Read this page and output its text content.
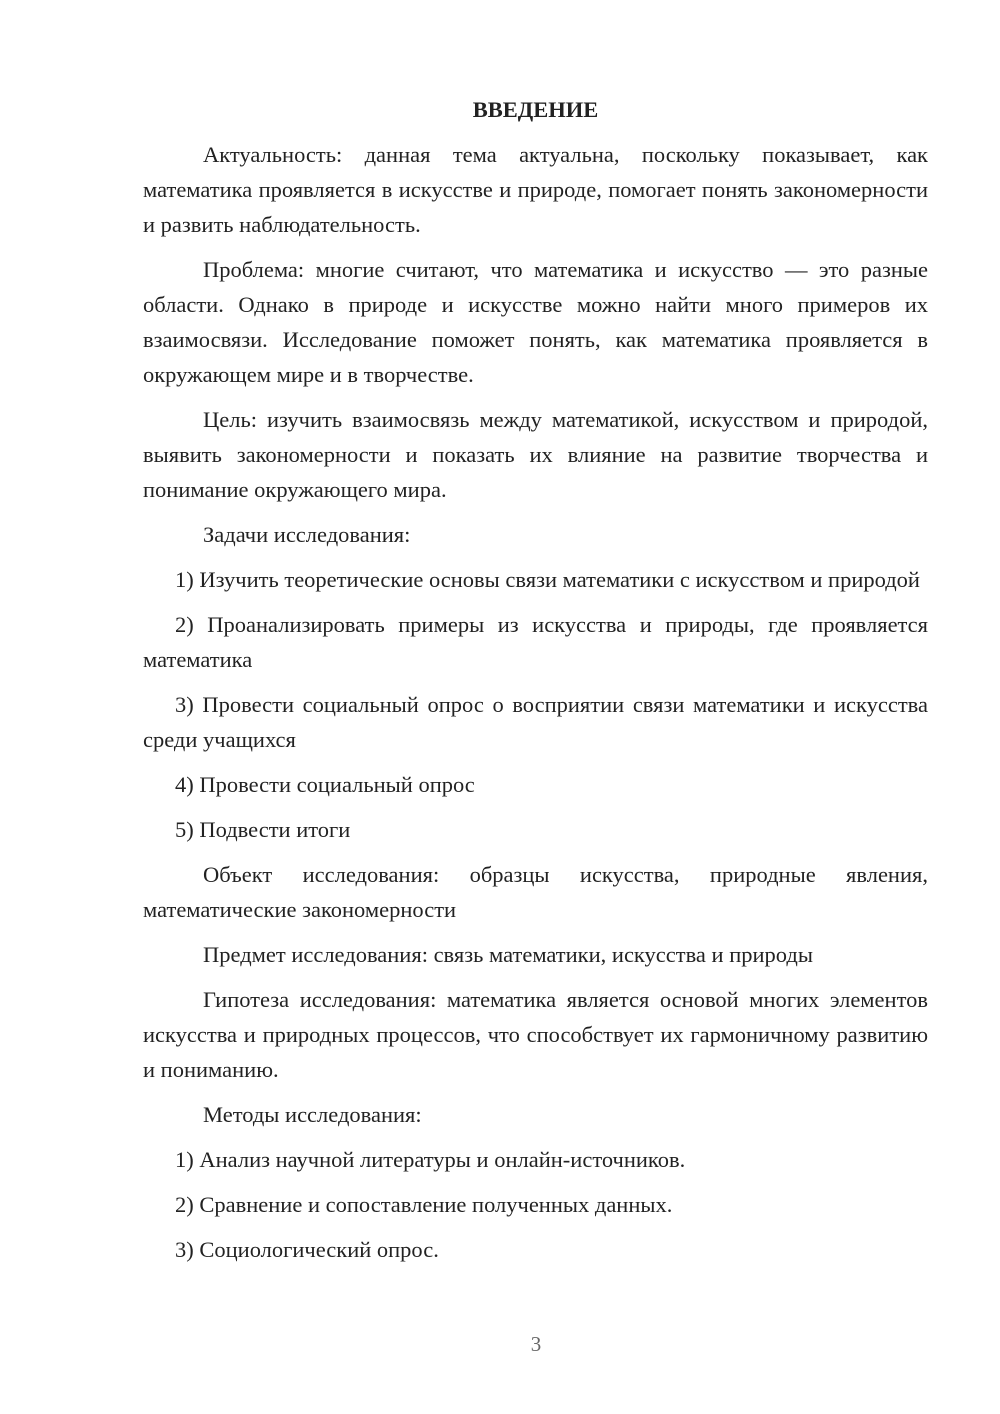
ВВЕДЕНИЕ

Актуальность: данная тема актуальна, поскольку показывает, как математика проявляется в искусстве и природе, помогает понять закономерности и развить наблюдательность.

Проблема: многие считают, что математика и искусство — это разные области. Однако в природе и искусстве можно найти много примеров их взаимосвязи. Исследование поможет понять, как математика проявляется в окружающем мире и в творчестве.

Цель: изучить взаимосвязь между математикой, искусством и природой, выявить закономерности и показать их влияние на развитие творчества и понимание окружающего мира.

Задачи исследования:

1) Изучить теоретические основы связи математики с искусством и природой

2) Проанализировать примеры из искусства и природы, где проявляется математика

3) Провести социальный опрос о восприятии связи математики и искусства среди учащихся

4) Провести социальный опрос

5) Подвести итоги

Объект исследования: образцы искусства, природные явления, математические закономерности

Предмет исследования: связь математики, искусства и природы

Гипотеза исследования: математика является основой многих элементов искусства и природных процессов, что способствует их гармоничному развитию и пониманию.

Методы исследования:

1) Анализ научной литературы и онлайн-источников.

2) Сравнение и сопоставление полученных данных.

3) Социологический опрос.

3
